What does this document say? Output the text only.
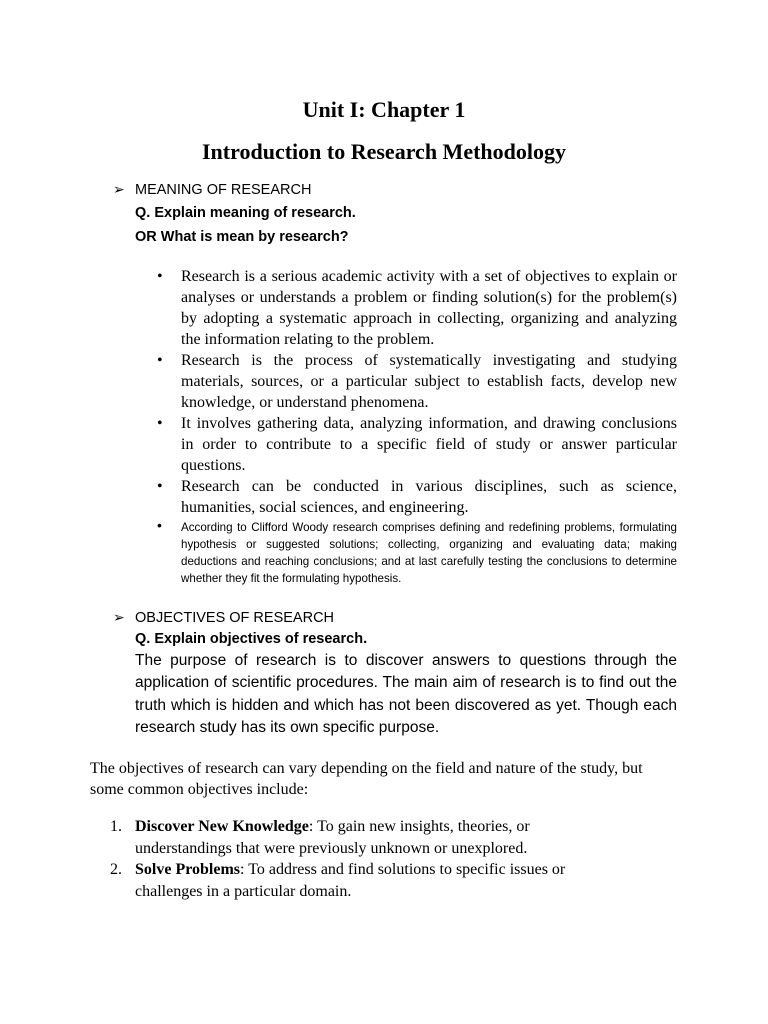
Unit I: Chapter 1
Introduction to Research Methodology
➢ MEANING OF RESEARCH
Q. Explain meaning of research.
OR What is mean by research?
• Research is a serious academic activity with a set of objectives to explain or analyses or understands a problem or finding solution(s) for the problem(s) by adopting a systematic approach in collecting, organizing and analyzing the information relating to the problem.
• Research is the process of systematically investigating and studying materials, sources, or a particular subject to establish facts, develop new knowledge, or understand phenomena.
• It involves gathering data, analyzing information, and drawing conclusions in order to contribute to a specific field of study or answer particular questions.
• Research can be conducted in various disciplines, such as science, humanities, social sciences, and engineering.
• According to Clifford Woody research comprises defining and redefining problems, formulating hypothesis or suggested solutions; collecting, organizing and evaluating data; making deductions and reaching conclusions; and at last carefully testing the conclusions to determine whether they fit the formulating hypothesis.
➢ OBJECTIVES OF RESEARCH
Q. Explain objectives of research.

The purpose of research is to discover answers to questions through the application of scientific procedures. The main aim of research is to find out the truth which is hidden and which has not been discovered as yet. Though each research study has its own specific purpose.

The objectives of research can vary depending on the field and nature of the study, but some common objectives include:

1. Discover New Knowledge: To gain new insights, theories, or understandings that were previously unknown or unexplored.
2. Solve Problems: To address and find solutions to specific issues or challenges in a particular domain.
